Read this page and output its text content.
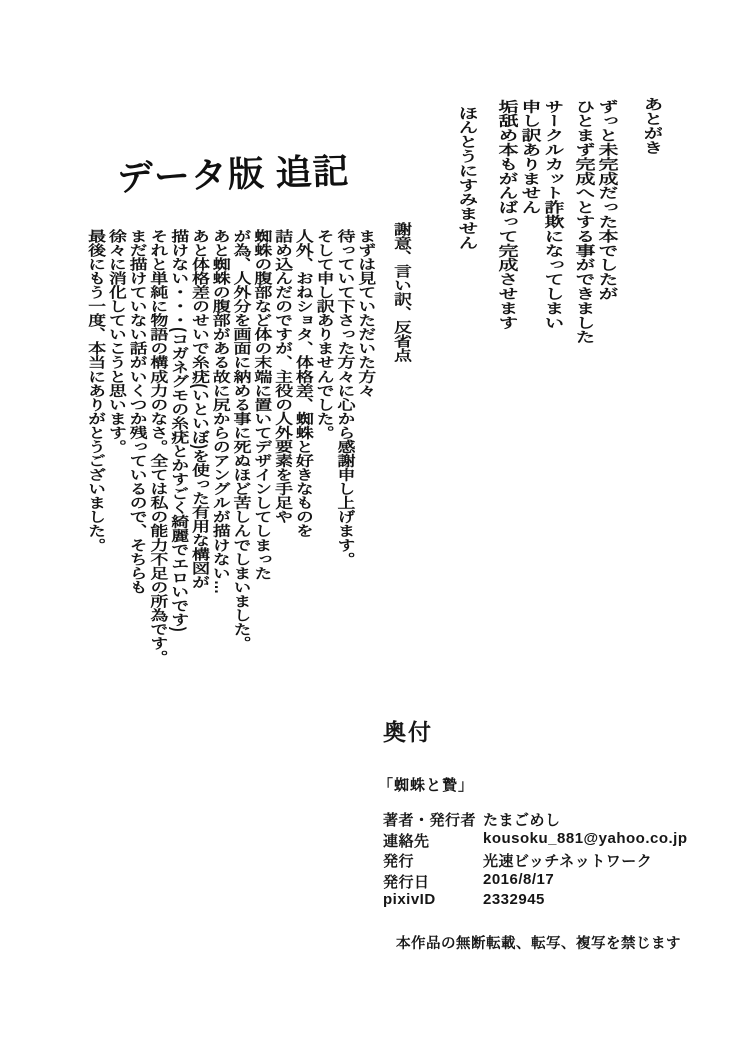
あとがき

ずっと未完成だった本でしたが

ひとまず完成へとする事ができました

サークルカット詐欺になってしまい

申し訳ありません

垢舐め本もがんばって完成させます

ほんとうにすみません

データ版 追記

謝意、言い訳、反省点

まずは見ていただいた方々

待っていて下さった方々に心から感謝申し上げます。

そして申し訳ありませんでした。

人外、おねショタ、体格差、蜘蛛と好きなものを

詰め込んだのですが、主役の人外要素を手足や

蜘蛛の腹部など体の末端に置いてデザインしてしまった

が為、人外分を画面に納める事に死ぬほど苦しんでしまいました。

あと蜘蛛の腹部がある故に尻からのアングルが描けない…

あと体格差のせいで糸疣(いといぼ)を使った有用な構図が

描けない・・・(コガネグモの糸疣とかすごく綺麗でエロいです)

それと単純に物語の構成力のなさ。全ては私の能力不足の所為です。

まだ描けていない話がいくつか残っているので、そちらも

徐々に消化していこうと思います。

最後にもう一度、本当にありがとうございました。

奥付

「蜘蛛と贄」

著者・発行者 たまごめし
連絡先	kousoku_881@yahoo.co.jp
発行	光速ビッチネットワーク
発行日	2016/8/17
pixivID	2332945

本作品の無断転載、転写、複写を禁じます
